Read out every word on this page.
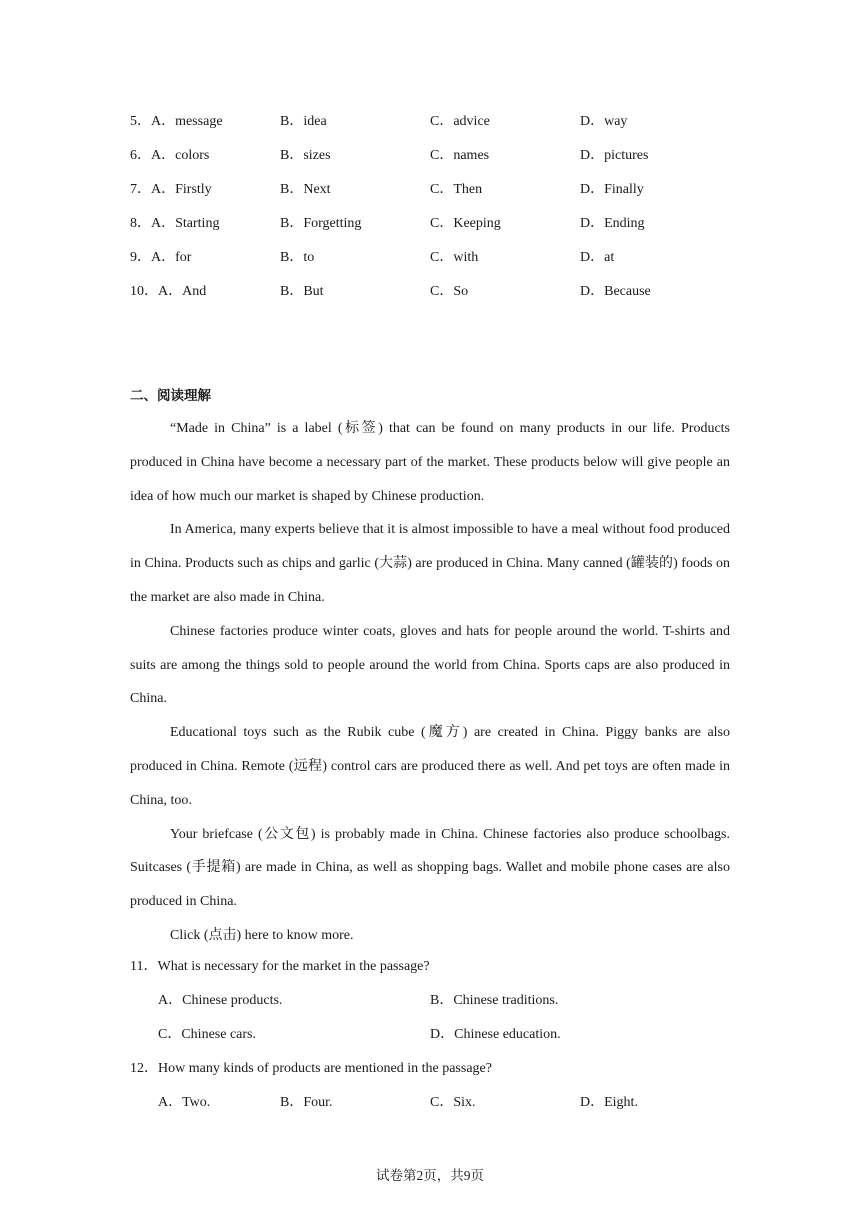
5．A．message	B．idea	C．advice	D．way
6．A．colors	B．sizes	C．names	D．pictures
7．A．Firstly	B．Next	C．Then	D．Finally
8．A．Starting	B．Forgetting	C．Keeping	D．Ending
9．A．for	B．to	C．with	D．at
10．A．And	B．But	C．So	D．Because
二、阅读理解

“Made in China” is a label (标签) that can be found on many products in our life. Products produced in China have become a necessary part of the market. These products below will give people an idea of how much our market is shaped by Chinese production.

In America, many experts believe that it is almost impossible to have a meal without food produced in China. Products such as chips and garlic (大蒜) are produced in China. Many canned (罐装的) foods on the market are also made in China.

Chinese factories produce winter coats, gloves and hats for people around the world. T-shirts and suits are among the things sold to people around the world from China. Sports caps are also produced in China.

Educational toys such as the Rubik cube (魔方) are created in China. Piggy banks are also produced in China. Remote (远程) control cars are produced there as well. And pet toys are often made in China, too.

Your briefcase (公文包) is probably made in China. Chinese factories also produce schoolbags. Suitcases (手提箱) are made in China, as well as shopping bags. Wallet and mobile phone cases are also produced in China.

Click (点击) here to know more.

11．What is necessary for the market in the passage?
A．Chinese products.	B．Chinese traditions.
C．Chinese cars.	D．Chinese education.
12．How many kinds of products are mentioned in the passage?
A．Two.	B．Four.	C．Six.	D．Eight.
试卷第2页，共9页
